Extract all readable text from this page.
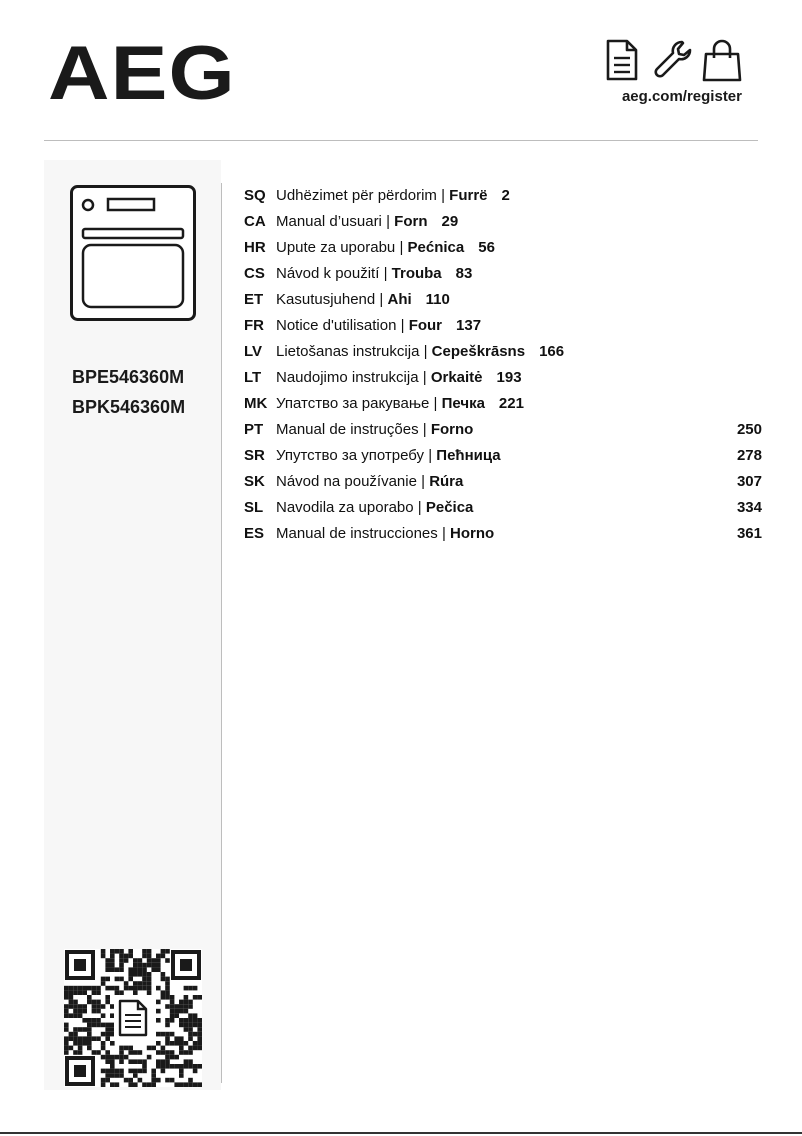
AEG	aeg.com/register
BPE546360M
BPK546360M
SQ Udhëzimet për përdorim | Furrë 2
CA Manual d’usuari | Forn 29
HR Upute za uporabu | Pećnica 56
CS Návod k použití | Trouba 83
ET Kasutusjuhend | Ahi 110
FR Notice d'utilisation | Four 137
LV Lietošanas instrukcija | Cepeškrāsns 166
LT Naudojimo instrukcija | Orkaitė 193
MK Упатство за ракување | Печка 221
PT Manual de instruções | Forno	250
SR Упутство за употребу | Пећница	278
SK Návod na používanie | Rúra	307
SL Navodila za uporabo | Pečica	334
ES Manual de instrucciones | Horno	361
